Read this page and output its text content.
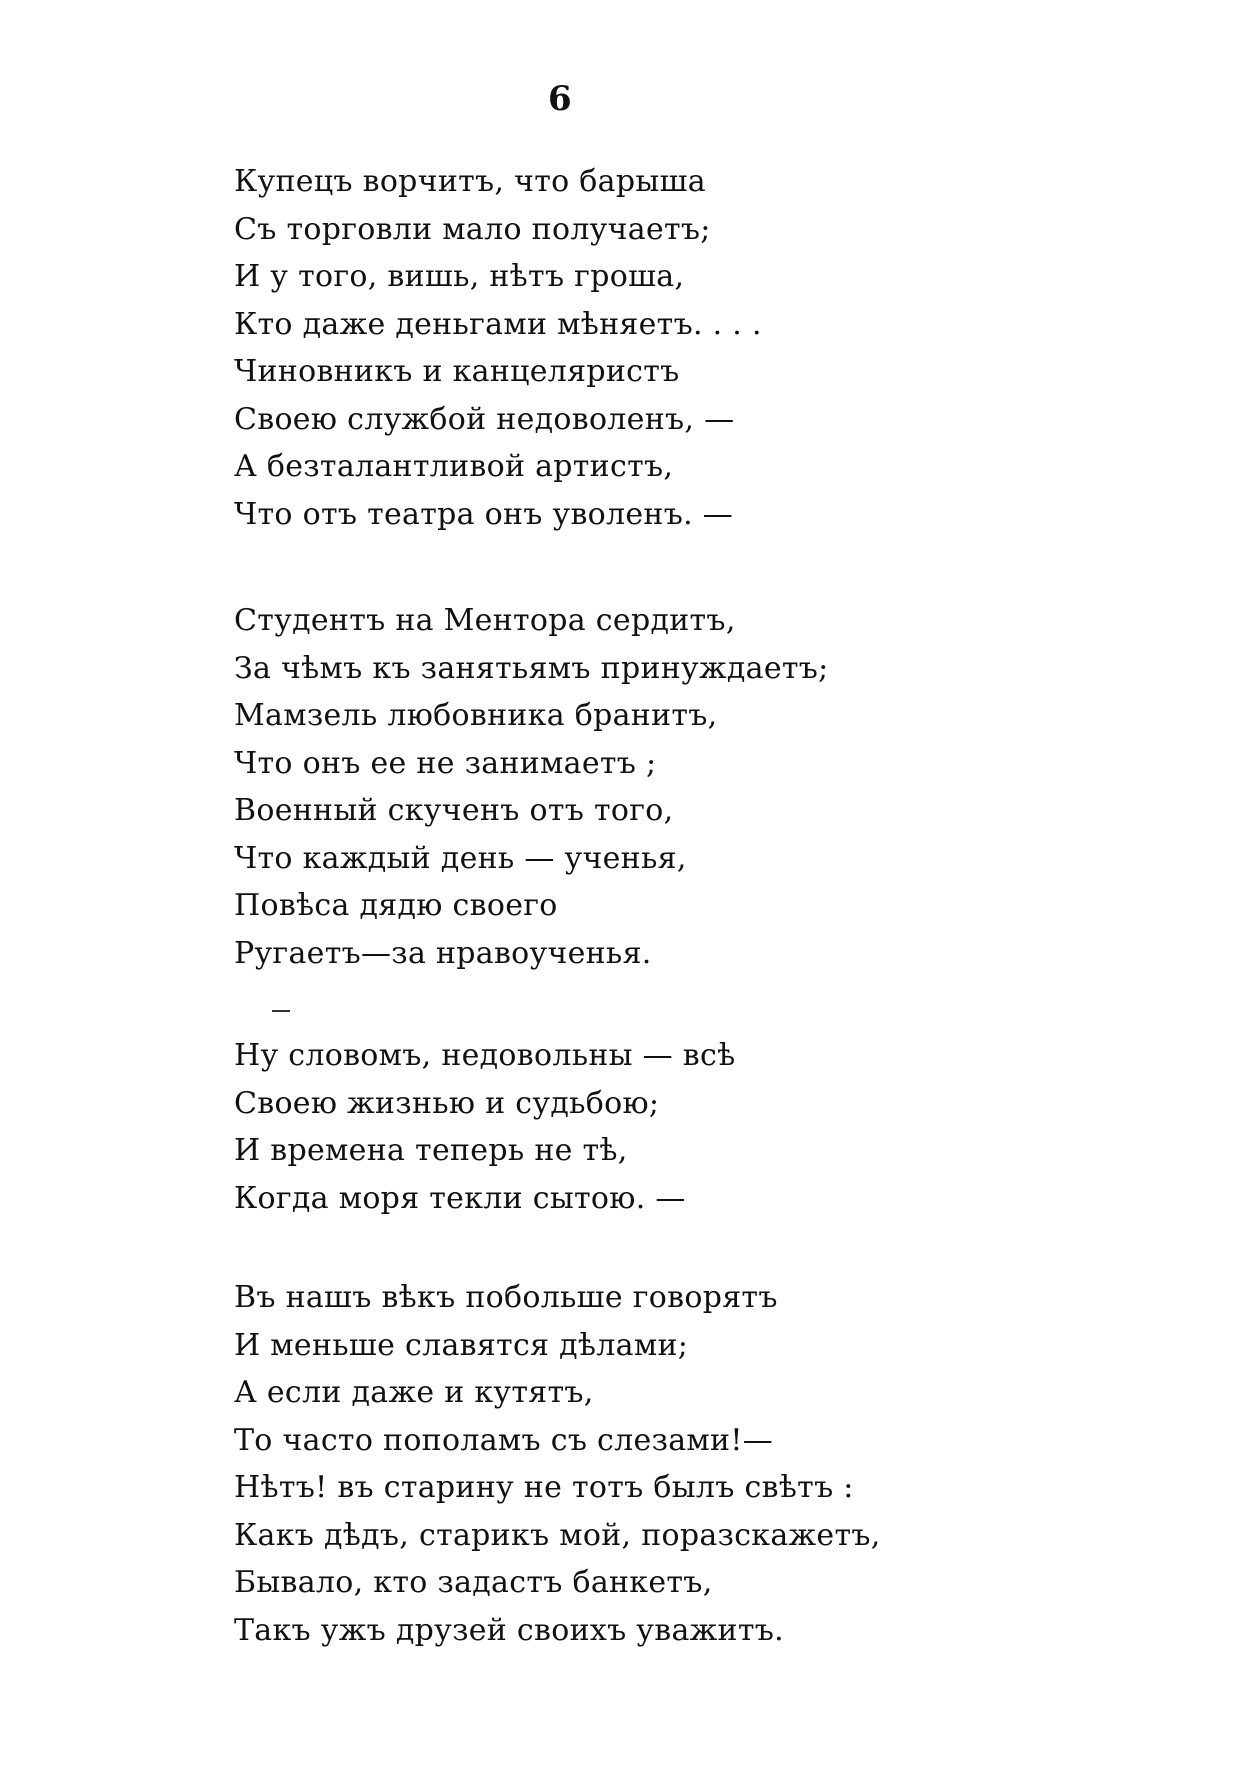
6
Купецъ ворчитъ, что барыша
Съ торговли мало получаетъ;
И у того, вишь, нѣтъ гроша,
Кто даже деньгами мѣняетъ. . . .
Чиновникъ и канцеляристъ
Своею службой недоволенъ, —
А безталантливой артистъ,
Что отъ театра онъ уволенъ. —
Студентъ на Ментора сердитъ,
За чѣмъ къ занятьямъ принуждаетъ;
Мамзель любовника бранитъ,
Что онъ ее не занимаетъ ;
Военный скученъ отъ того,
Что каждый день — ученья,
Повѣса дядю своего
Ругаетъ—за нравоученья.
Ну словомъ, недовольны — всѣ
Своею жизнью и судьбою;
И времена теперь не тѣ,
Когда моря текли сытою. —
Въ нашъ вѣкъ побольше говорятъ
И меньше славятся дѣлами;
А если даже и кутятъ,
То часто пополамъ съ слезами!—
Нѣтъ! въ старину не тотъ былъ свѣтъ :
Какъ дѣдъ, старикъ мой, поразскажетъ,
Бывало, кто задастъ банкетъ,
Такъ ужъ друзей своихъ уважитъ.
